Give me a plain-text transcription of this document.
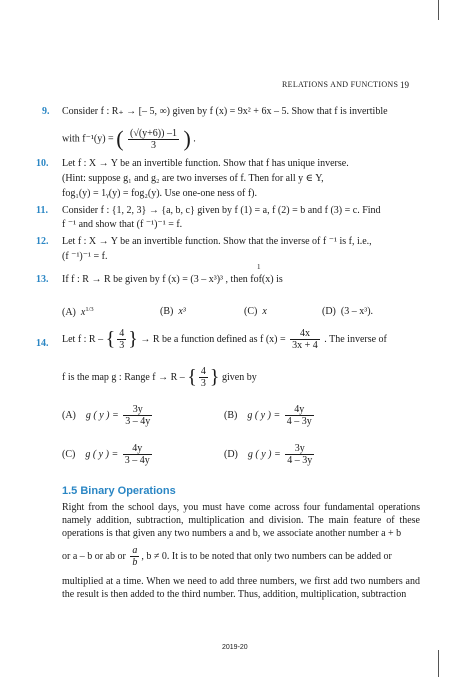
RELATIONS AND FUNCTIONS 19
9. Consider f : R₊ → [– 5, ∞) given by f (x) = 9x² + 6x – 5. Show that f is invertible
with f⁻¹(y) = ( $\frac{(√(y+6)) -1}{3}$ ) .
10. Let f : X → Y be an invertible function. Show that f has unique inverse.
(Hint: suppose g₁ and g₂ are two inverses of f. Then for all y ∈ Y,
fog₁(y) = 1ᵧ(y) = fog₂(y). Use one-one ness of f).
11. Consider f : {1, 2, 3} → {a, b, c} given by f (1) = a, f (2) = b and f (3) = c. Find
f ⁻¹ and show that (f ⁻¹)⁻¹ = f.
12. Let f : X → Y be an invertible function. Show that the inverse of f ⁻¹ is f, i.e.,
(f ⁻¹)⁻¹ = f.
1
13. If f : R → R be given by f (x) = (3 – x³)³ , then fof(x) is
(A) $x^{1/3}$	(B) x³	(C) x	(D) (3 – x³).
14. Let f : R – { $\frac{4}{3}$ } → R be a function defined as f $(x) = \frac{4x}{3x + 4}$ . The inverse of
f is the map g : Range f → R – { $\frac{4}{3}$ } given by
(A) g ( y ) = $\frac{3y}{3 - 4y}$	(B) g ( y ) = $\frac{4y}{4 - 3y}$
(C) g ( y ) = $\frac{4y}{3 - 4y}$	(D) g ( y ) = $\frac{3y}{4 - 3y}$
1.5 Binary Operations
Right from the school days, you must have come across four fundamental operations namely addition, subtraction, multiplication and division. The main feature of these operations is that given any two numbers a and b, we associate another number a + b
or a – b or ab or $\frac{a}{b}$ , b ≠ 0. It is to be noted that only two numbers can be added or
multiplied at a time. When we need to add three numbers, we first add two numbers and the result is then added to the third number. Thus, addition, multiplication, subtraction
2019-20
